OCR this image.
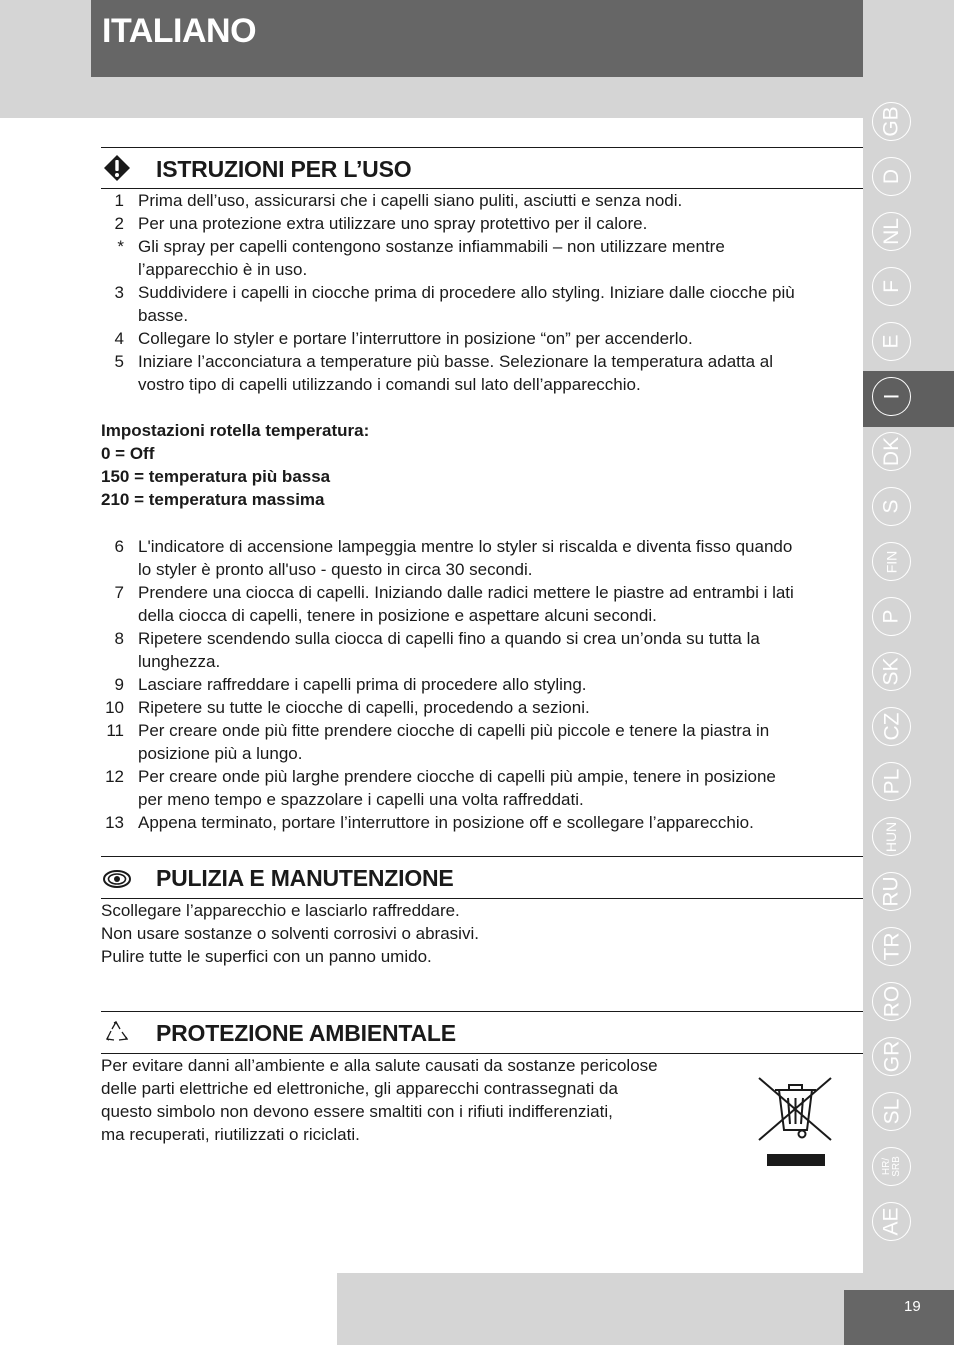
ITALIANO
GB
D
NL
F
E
I
DK
S
FIN
P
SK
CZ
PL
HUN
RU
TR
RO
GR
SL
HR/
SRB
AE
ISTRUZIONI PER L’USO
1 Prima dell’uso, assicurarsi che i capelli siano puliti, asciutti e senza nodi.
2 Per una protezione extra utilizzare uno spray protettivo per il calore.
* Gli spray per capelli contengono sostanze infiammabili – non utilizzare mentre
l’apparecchio è in uso.
3 Suddividere i capelli in ciocche prima di procedere allo styling. Iniziare dalle ciocche più
basse.
4 Collegare lo styler e portare l’interruttore in posizione “on” per accenderlo.
5 Iniziare l’acconciatura a temperature più basse. Selezionare la temperatura adatta al
vostro tipo di capelli utilizzando i comandi sul lato dell’apparecchio.
Impostazioni rotella temperatura:
0 = Off
150 = temperatura più bassa
210 = temperatura massima
6 L'indicatore di accensione lampeggia mentre lo styler si riscalda e diventa fisso quando
lo styler è pronto all'uso - questo in circa 30 secondi.
7 Prendere una ciocca di capelli. Iniziando dalle radici mettere le piastre ad entrambi i lati
della ciocca di capelli, tenere in posizione e aspettare alcuni secondi.
8 Ripetere scendendo sulla ciocca di capelli fino a quando si crea un’onda su tutta la
lunghezza.
9 Lasciare raffreddare i capelli prima di procedere allo styling.
10 Ripetere su tutte le ciocche di capelli, procedendo a sezioni.
11 Per creare onde più fitte prendere ciocche di capelli più piccole e tenere la piastra in
posizione più a lungo.
12 Per creare onde più larghe prendere ciocche di capelli più ampie, tenere in posizione
per meno tempo e spazzolare i capelli una volta raffreddati.
13 Appena terminato, portare l’interruttore in posizione off e scollegare l’apparecchio.
PULIZIA E MANUTENZIONE
Scollegare l’apparecchio e lasciarlo raffreddare.
Non usare sostanze o solventi corrosivi o abrasivi.
Pulire tutte le superfici con un panno umido.
PROTEZIONE AMBIENTALE
Per evitare danni all’ambiente e alla salute causati da sostanze pericolose
delle parti elettriche ed elettroniche, gli apparecchi contrassegnati da
questo simbolo non devono essere smaltiti con i rifiuti indifferenziati,
ma recuperati, riutilizzati o riciclati.
19
